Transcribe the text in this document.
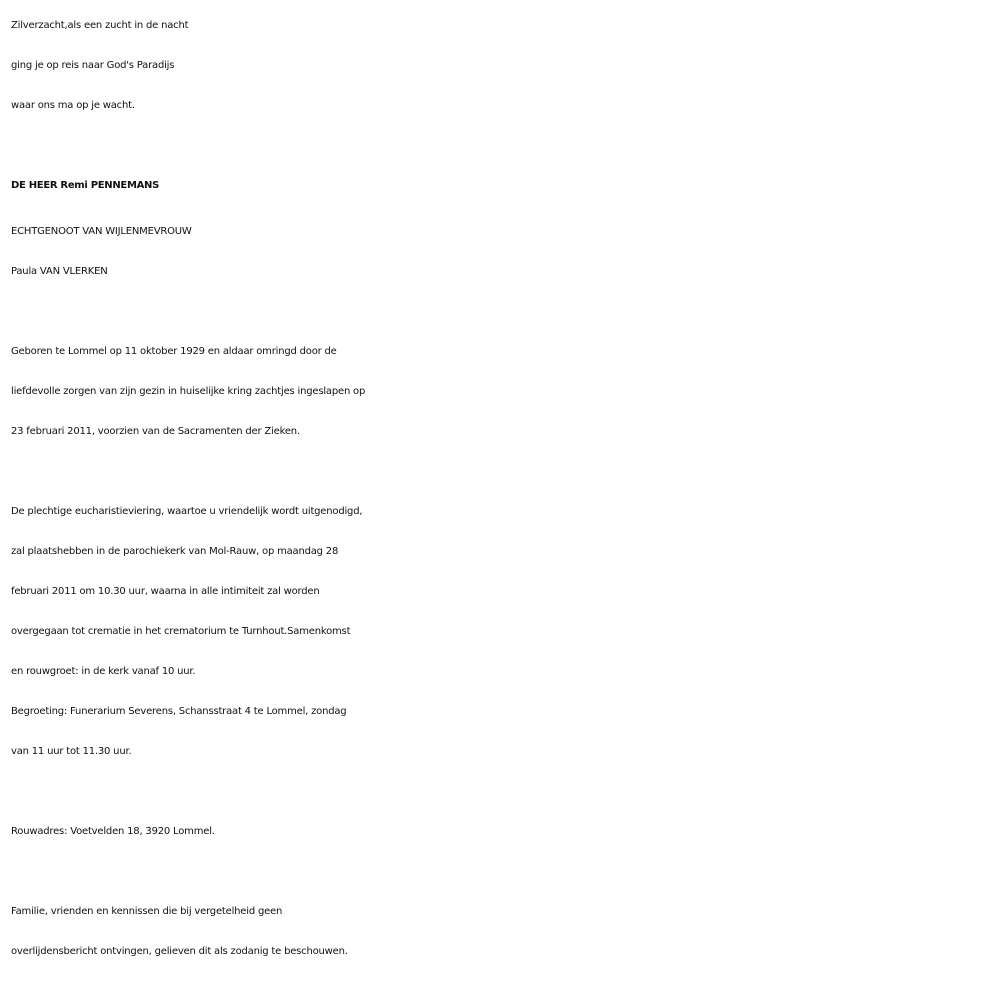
Zilverzacht,als een zucht in de nacht
ging je op reis naar God's Paradijs
waar ons ma op je wacht.
DE HEER Remi PENNEMANS
ECHTGENOOT VAN WIJLENMEVROUW
Paula VAN VLERKEN
Geboren te Lommel op 11 oktober 1929 en aldaar omringd door de
liefdevolle zorgen van zijn gezin in huiselijke kring zachtjes ingeslapen op
23 februari 2011, voorzien van de Sacramenten der Zieken.
De plechtige eucharistieviering, waartoe u vriendelijk wordt uitgenodigd,
zal plaatshebben in de parochiekerk van Mol-Rauw, op maandag 28
februari 2011 om 10.30 uur, waarna in alle intimiteit zal worden
overgegaan tot crematie in het crematorium te Turnhout.Samenkomst
en rouwgroet: in de kerk vanaf 10 uur.
Begroeting: Funerarium Severens, Schansstraat 4 te Lommel, zondag
van 11 uur tot 11.30 uur.
Rouwadres: Voetvelden 18, 3920 Lommel.
Familie, vrienden en kennissen die bij vergetelheid geen
overlijdensbericht ontvingen, gelieven dit als zodanig te beschouwen.
